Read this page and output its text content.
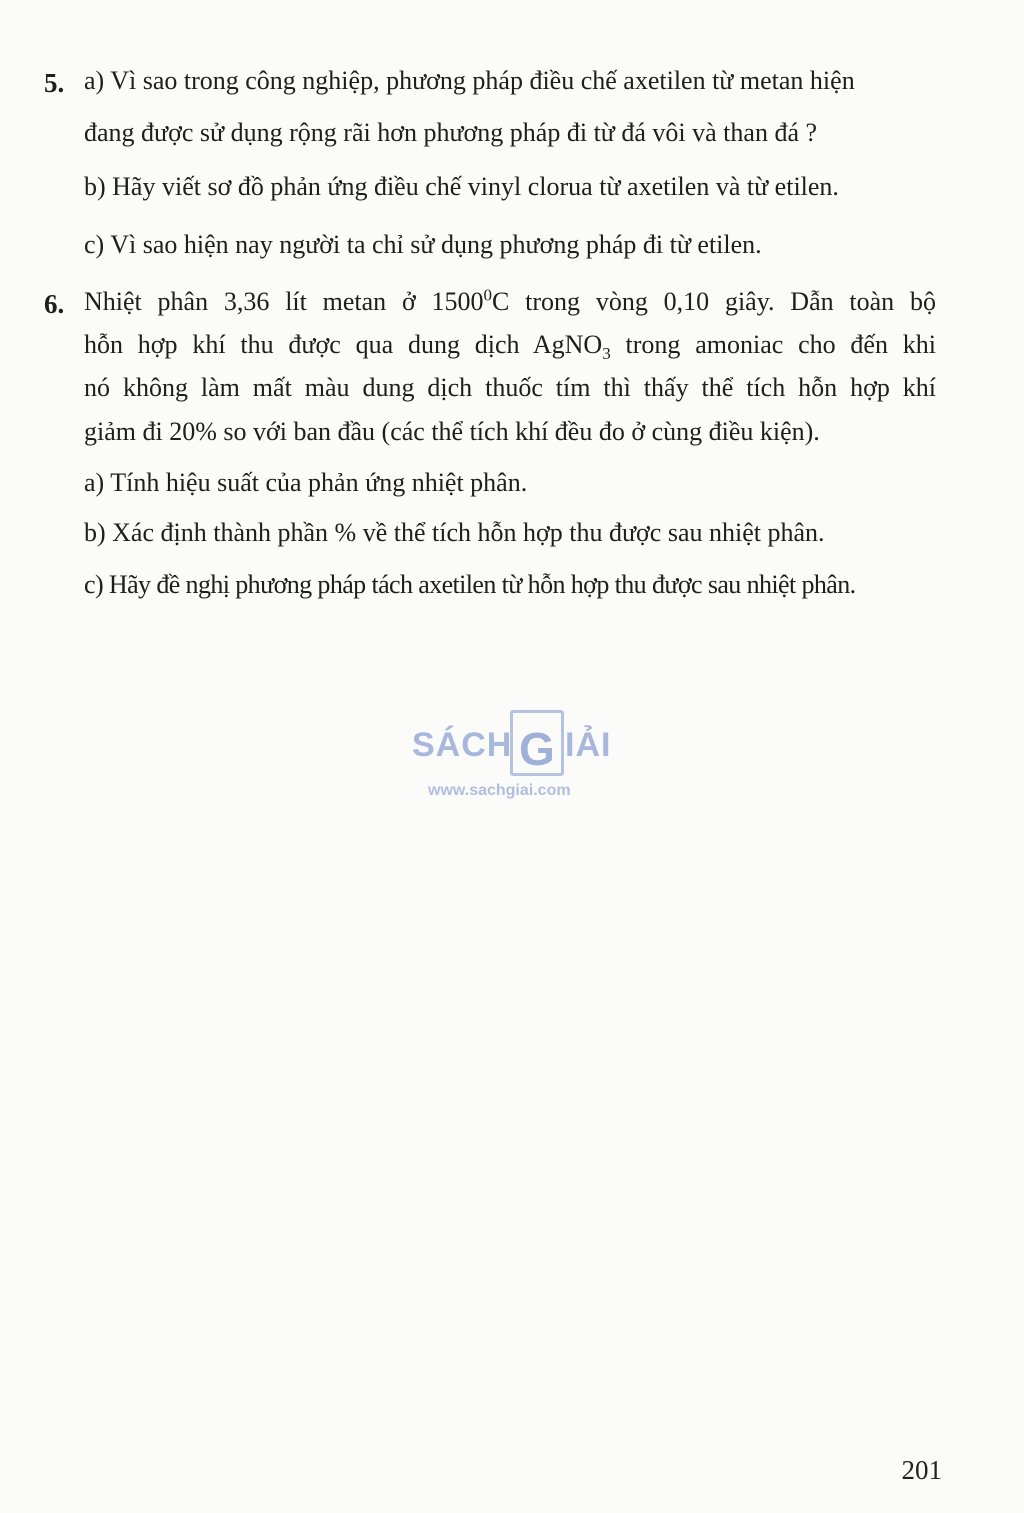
5. a) Vì sao trong công nghiệp, phương pháp điều chế axetilen từ metan hiện
đang được sử dụng rộng rãi hơn phương pháp đi từ đá vôi và than đá ?
b) Hãy viết sơ đồ phản ứng điều chế vinyl clorua từ axetilen và từ etilen.
c) Vì sao hiện nay người ta chỉ sử dụng phương pháp đi từ etilen.
6. Nhiệt phân 3,36 lít metan ở 1500$^0$C trong vòng 0,10 giây. Dẫn toàn bộ
hỗn hợp khí thu được qua dung dịch AgNO$_3$ trong amoniac cho đến khi
nó không làm mất màu dung dịch thuốc tím thì thấy thể tích hỗn hợp khí
giảm đi 20% so với ban đầu (các thể tích khí đều đo ở cùng điều kiện).
a) Tính hiệu suất của phản ứng nhiệt phân.
b) Xác định thành phần % về thể tích hỗn hợp thu được sau nhiệt phân.
c) Hãy đề nghị phương pháp tách axetilen từ hỗn hợp thu được sau nhiệt phân.
SÁCH G IẢI
www.sachgiai.com
201
